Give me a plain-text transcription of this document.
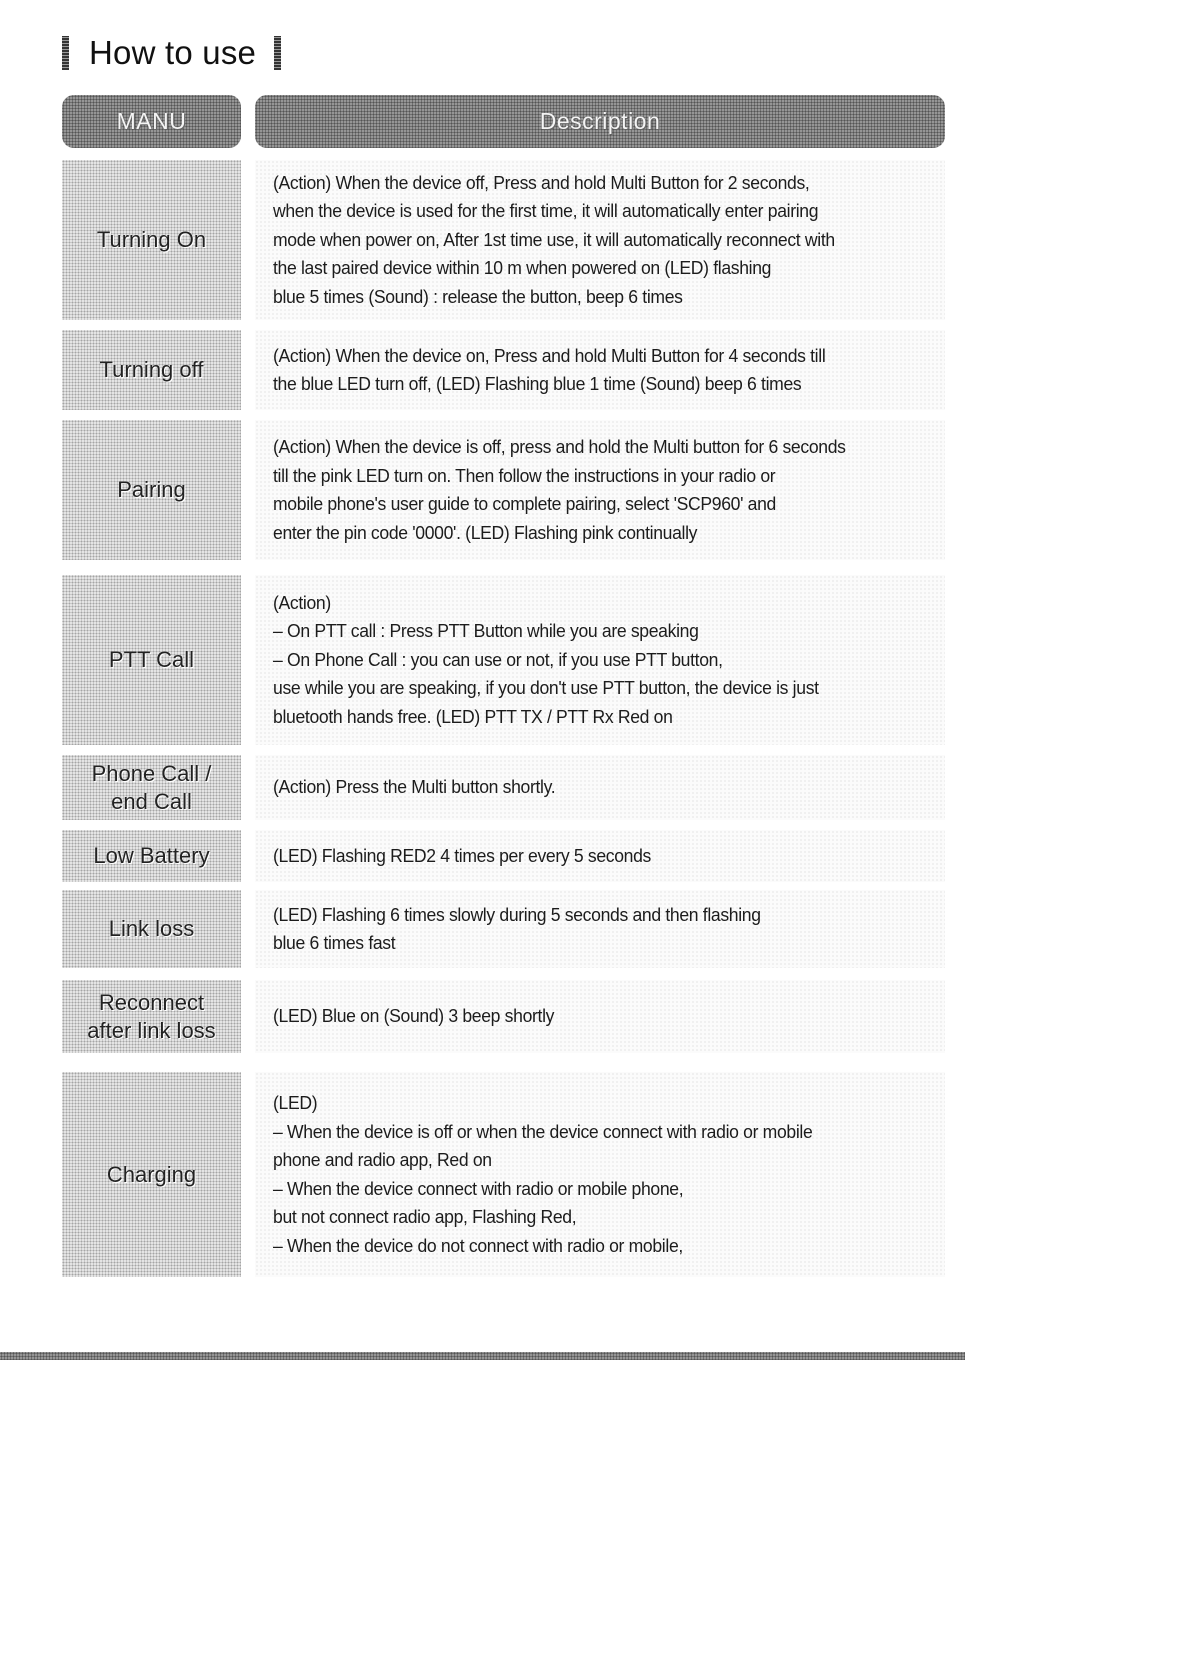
How to use
MANU	Description
Turning On
(Action) When the device off, Press and hold Multi Button for 2 seconds,
when the device is used for the first time, it will automatically enter pairing
mode when power on, After 1st time use, it will automatically reconnect with
the last paired device within 10 m when powered on (LED) flashing
blue 5 times (Sound) : release the button, beep 6 times
Turning off
(Action) When the device on, Press and hold Multi Button for 4 seconds till
the blue LED turn off, (LED) Flashing blue 1 time (Sound) beep 6 times
Pairing
(Action) When the device is off, press and hold the Multi button for 6 seconds
till the pink LED turn on. Then follow the instructions in your radio or
mobile phone's user guide to complete pairing, select 'SCP960' and
enter the pin code '0000'. (LED) Flashing pink continually
PTT Call
(Action)
– On PTT call : Press PTT Button while you are speaking
– On Phone Call : you can use or not, if you use PTT button,
use while you are speaking, if you don't use PTT button, the device is just
bluetooth hands free. (LED) PTT TX / PTT Rx Red on
Phone Call /
end Call
(Action) Press the Multi button shortly.
Low Battery	(LED) Flashing RED2 4 times per every 5 seconds
Link loss
(LED) Flashing 6 times slowly during 5 seconds and then flashing
blue 6 times fast
Reconnect
after link loss
(LED) Blue on (Sound) 3 beep shortly
Charging
(LED)
– When the device is off or when the device connect with radio or mobile
phone and radio app, Red on
– When the device connect with radio or mobile phone,
but not connect radio app, Flashing Red,
– When the device do not connect with radio or mobile,
